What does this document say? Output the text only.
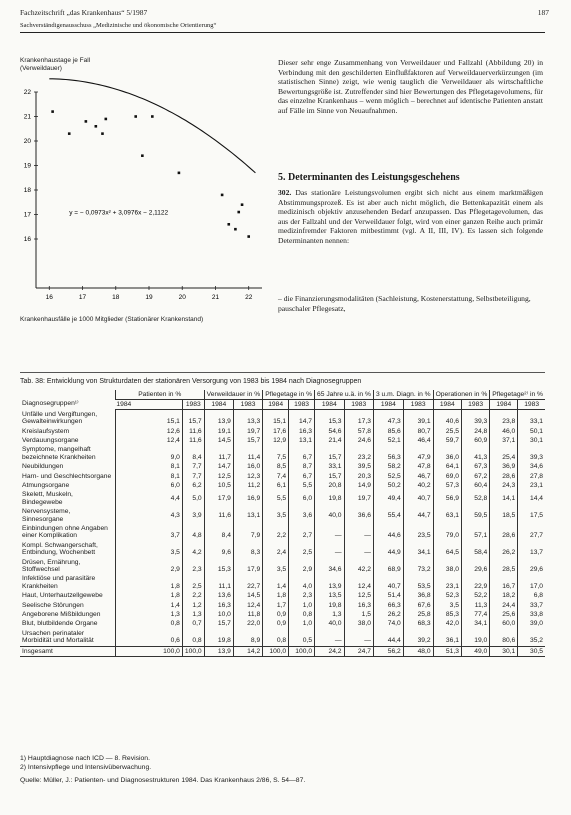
Fachzeitschrift „das Krankenhaus“ 5/1987	187
Sachverständigenausschuss „Medizinische und ökonomische Orientierung“
Krankenhaustage je Fall
(Verweildauer)
22
21
20
19
18
17
16
16	17	18	19	20	21	22
y = − 0,0973x² + 3,0976x − 2,1122
Krankenhausfälle je 1000 Mitglieder (Stationärer Krankenstand)

Dieser sehr enge Zusammenhang von Verweildauer und Fallzahl (Abbildung 20) in Verbindung mit den geschilderten Einflußfaktoren auf Verweildauerverkürzungen (im statistischen Sinne) zeigt, wie wenig tauglich die Verweildauer als wirtschaftliche Bewertungsgröße ist. Zutreffender sind hier Bewertungen des Pflegetagevolumens, für das einzelne Krankenhaus – wenn möglich – berechnet auf identische Patienten anstatt auf Fälle im Sinne von Neuaufnahmen.

5. Determinanten des Leistungsgeschehens

302. Das stationäre Leistungsvolumen ergibt sich nicht aus einem marktmäßigen Abstimmungsprozeß. Es ist aber auch nicht möglich, die Bettenkapazität einem als medizinisch objektiv anzusehenden Bedarf anzupassen. Das Pflegetagevolumen, das aus der Fallzahl und der Verweildauer folgt, wird von einer ganzen Reihe auch primär medizinfremder Faktoren mitbestimmt (vgl. A II, III, IV). Es lassen sich folgende Determinanten nennen:

– die Finanzierungsmodalitäten (Sachleistung, Kostenerstattung, Selbstbeteiligung, pauschaler Pflegesatz,
Tab. 38: Entwicklung von Strukturdaten der stationären Versorgung von 1983 bis 1984 nach Diagnosegruppen
Diagnosegruppen¹⁾	Patienten in %		Verweildauer in %		Pflegetage in %		65 Jahre u.ä. in %		3 u.m. Diagn. in %		Operationen in %		Pflegetage²⁾ in %	
	1984	1983	1984	1983	1984	1983	1984	1983	1984	1983	1984	1983	1984	1983
Unfälle und Vergiftungen, Gewalteinwirkungen	15,1	15,7	13,9	13,3	15,1	14,7	15,3	17,3	47,3	39,1	40,6	39,3	23,8	33,1
Kreislaufsystem	12,6	11,6	19,1	19,7	17,6	16,3	54,6	57,8	85,6	80,7	25,5	24,8	46,0	50,1
Verdauungsorgane	12,4	11,6	14,5	15,7	12,9	13,1	21,4	24,6	52,1	46,4	59,7	60,9	37,1	30,1
Symptome, mangelhaft bezeichnete Krankheiten	9,0	8,4	11,7	11,4	7,5	6,7	15,7	23,2	56,3	47,9	36,0	41,3	25,4	39,3
Neubildungen	8,1	7,7	14,7	16,0	8,5	8,7	33,1	39,5	58,2	47,8	64,1	67,3	36,9	34,6
Harn- und Geschlechtsorgane	8,1	7,7	12,5	12,3	7,4	6,7	15,7	20,3	52,5	46,7	69,0	67,2	28,6	27,8
Atmungsorgane	6,0	6,2	10,5	11,2	6,1	5,5	20,8	14,9	50,2	40,2	57,3	60,4	24,3	23,1
Skelett, Muskeln, Bindegewebe	4,4	5,0	17,9	16,9	5,5	6,0	19,8	19,7	49,4	40,7	56,9	52,8	14,1	14,4
Nervensysteme, Sinnesorgane	4,3	3,9	11,6	13,1	3,5	3,6	40,0	36,6	55,4	44,7	63,1	59,5	18,5	17,5
Einbindungen ohne Angaben einer Komplikation	3,7	4,8	8,4	7,9	2,2	2,7	—	—	44,6	23,5	79,0	57,1	28,6	27,7
Kompl. Schwangerschaft, Entbindung, Wochenbett	3,5	4,2	9,6	8,3	2,4	2,5	—	—	44,9	34,1	64,5	58,4	26,2	13,7
Drüsen, Ernährung, Stoffwechsel	2,9	2,3	15,3	17,9	3,5	2,9	34,6	42,2	68,9	73,2	38,0	29,6	28,5	29,6
Infektiöse und parasitäre Krankheiten	1,8	2,5	11,1	22,7	1,4	4,0	13,9	12,4	40,7	53,5	23,1	22,9	16,7	17,0
Haut, Unterhautzellgewebe	1,8	2,2	13,6	14,5	1,8	2,3	13,5	12,5	51,4	36,8	52,3	52,2	18,2	6,8
Seelische Störungen	1,4	1,2	16,3	12,4	1,7	1,0	19,8	16,3	66,3	67,6	3,5	11,3	24,4	33,7
Angeborene Mißbildungen	1,3	1,3	10,0	11,8	0,9	0,8	1,3	1,5	26,2	25,8	85,3	77,4	25,6	33,8
Blut, blutbildende Organe	0,8	0,7	15,7	22,0	0,9	1,0	40,0	38,0	74,0	68,3	42,0	34,1	60,0	39,0
Ursachen perinataler Morbidität und Mortalität	0,6	0,8	19,8	8,9	0,8	0,5	—	—	44,4	39,2	36,1	19,0	80,6	35,2
Insgesamt	100,0	100,0	13,9	14,2	100,0	100,0	24,2	24,7	56,2	48,0	51,3	49,0	30,1	30,5
1) Hauptdiagnose nach ICD — 8. Revision.
2) Intensivpflege und Intensivüberwachung.
Quelle: Müller, J.: Patienten- und Diagnosestrukturen 1984. Das Krankenhaus 2/86, S. 54—87.
